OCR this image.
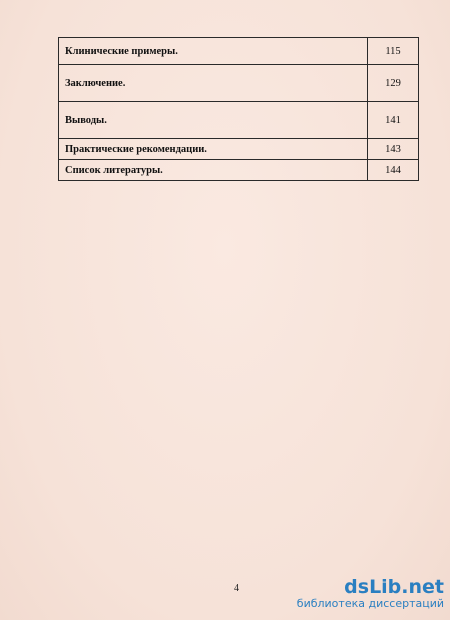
Клинические примеры.	115
Заключение.	129
Выводы.	141
Практические рекомендации.	143
Список литературы.	144
4	dsLib.net
библиотека диссертаций
